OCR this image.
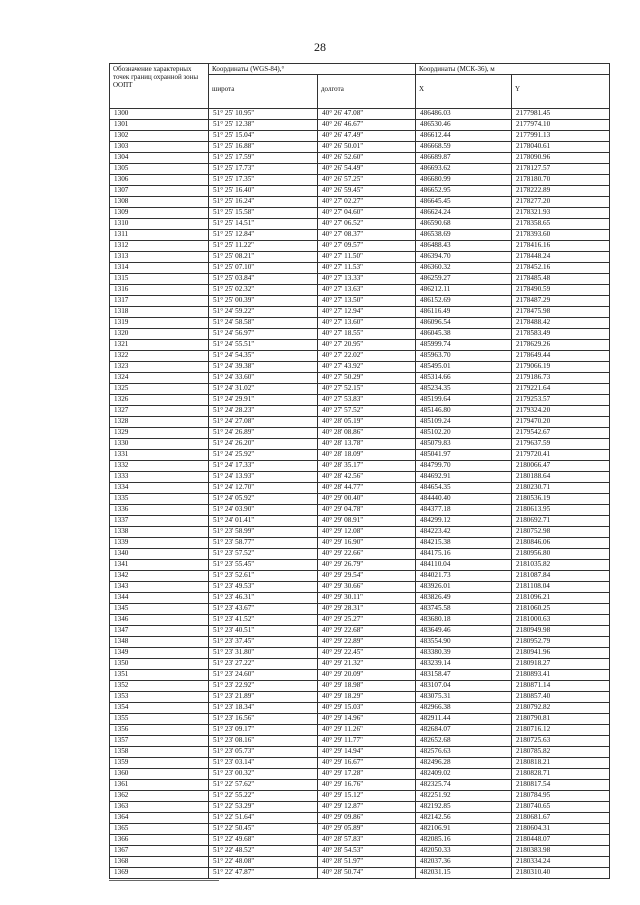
28
Обозначение характерных точек границ охранной зоны ООПТ	Координаты (WGS-84),°		Координаты (МСК-36), м	
	широта	долгота	X	Y
1300	51° 25' 10.95"	40° 26' 47.08"	486486.03	2177981.45
1301	51° 25' 12.38"	40° 26' 46.67"	486530.46	2177974.10
1302	51° 25' 15.04"	40° 26' 47.49"	486612.44	2177991.13
1303	51° 25' 16.88"	40° 26' 50.01"	486668.59	2178040.61
1304	51° 25' 17.59"	40° 26' 52.60"	486689.87	2178090.96
1305	51° 25' 17.73"	40° 26' 54.49"	486693.62	2178127.57
1306	51° 25' 17.35"	40° 26' 57.25"	486680.99	2178180.70
1307	51° 25' 16.40"	40° 26' 59.45"	486652.95	2178222.89
1308	51° 25' 16.24"	40° 27' 02.27"	486645.45	2178277.20
1309	51° 25' 15.58"	40° 27' 04.60"	486624.24	2178321.93
1310	51° 25' 14.51"	40° 27' 06.52"	486590.68	2178358.65
1311	51° 25' 12.84"	40° 27' 08.37"	486538.69	2178393.60
1312	51° 25' 11.22"	40° 27' 09.57"	486488.43	2178416.16
1313	51° 25' 08.21"	40° 27' 11.50"	486394.70	2178448.24
1314	51° 25' 07.10"	40° 27' 11.53"	486360.32	2178452.16
1315	51° 25' 03.84"	40° 27' 13.33"	486259.27	2178485.48
1316	51° 25' 02.32"	40° 27' 13.63"	486212.11	2178490.59
1317	51° 25' 00.39"	40° 27' 13.50"	486152.69	2178487.29
1318	51° 24' 59.22"	40° 27' 12.94"	486116.49	2178475.98
1319	51° 24' 58.58"	40° 27' 13.60"	486096.54	2178488.42
1320	51° 24' 56.97"	40° 27' 18.55"	486045.38	2178583.49
1321	51° 24' 55.51"	40° 27' 20.95"	485999.74	2178629.26
1322	51° 24' 54.35"	40° 27' 22.02"	485963.70	2178649.44
1323	51° 24' 39.38"	40° 27' 43.92"	485495.01	2179066.19
1324	51° 24' 33.60"	40° 27' 50.29"	485314.66	2179186.73
1325	51° 24' 31.02"	40° 27' 52.15"	485234.35	2179221.64
1326	51° 24' 29.91"	40° 27' 53.83"	485199.64	2179253.57
1327	51° 24' 28.23"	40° 27' 57.52"	485146.80	2179324.20
1328	51° 24' 27.08"	40° 28' 05.19"	485109.24	2179470.20
1329	51° 24' 26.89"	40° 28' 08.86"	485102.20	2179542.67
1330	51° 24' 26.20"	40° 28' 13.78"	485079.83	2179637.59
1331	51° 24' 25.92"	40° 28' 18.09"	485041.97	2179720.41
1332	51° 24' 17.33"	40° 28' 35.17"	484799.70	2180066.47
1333	51° 24' 13.93"	40° 28' 42.56"	484692.91	2180188.64
1334	51° 24' 12.70"	40° 28' 44.77"	484654.35	2180230.71
1335	51° 24' 05.92"	40° 29' 00.40"	484440.40	2180536.19
1336	51° 24' 03.90"	40° 29' 04.78"	484377.18	2180613.95
1337	51° 24' 01.41"	40° 29' 08.91"	484299.12	2180692.71
1338	51° 23' 58.99"	40° 29' 12.08"	484223.42	2180752.98
1339	51° 23' 58.77"	40° 29' 16.90"	484215.38	2180846.06
1340	51° 23' 57.52"	40° 29' 22.66"	484175.16	2180956.80
1341	51° 23' 55.45"	40° 29' 26.79"	484110.04	2181035.82
1342	51° 23' 52.61"	40° 29' 29.54"	484021.73	2181087.84
1343	51° 23' 49.53"	40° 29' 30.66"	483926.01	2181108.04
1344	51° 23' 46.31"	40° 29' 30.11"	483826.49	2181096.21
1345	51° 23' 43.67"	40° 29' 28.31"	483745.58	2181060.25
1346	51° 23' 41.52"	40° 29' 25.27"	483680.18	2181000.63
1347	51° 23' 40.51"	40° 29' 22.68"	483649.46	2180949.98
1348	51° 23' 37.45"	40° 29' 22.89"	483554.90	2180952.79
1349	51° 23' 31.80"	40° 29' 22.45"	483380.39	2180941.96
1350	51° 23' 27.22"	40° 29' 21.32"	483239.14	2180918.27
1351	51° 23' 24.60"	40° 29' 20.09"	483158.47	2180893.41
1352	51° 23' 22.92"	40° 29' 18.98"	483107.04	2180871.14
1353	51° 23' 21.89"	40° 29' 18.29"	483075.31	2180857.40
1354	51° 23' 18.34"	40° 29' 15.03"	482966.38	2180792.82
1355	51° 23' 16.56"	40° 29' 14.96"	482911.44	2180790.81
1356	51° 23' 09.17"	40° 29' 11.26"	482684.07	2180716.12
1357	51° 23' 08.16"	40° 29' 11.77"	482652.68	2180725.63
1358	51° 23' 05.73"	40° 29' 14.94"	482576.63	2180785.82
1359	51° 23' 03.14"	40° 29' 16.67"	482496.28	2180818.21
1360	51° 23' 00.32"	40° 29' 17.28"	482409.02	2180828.71
1361	51° 22' 57.62"	40° 29' 16.76"	482325.74	2180817.54
1362	51° 22' 55.22"	40° 29' 15.12"	482251.92	2180784.95
1363	51° 22' 53.29"	40° 29' 12.87"	482192.85	2180740.65
1364	51° 22' 51.64"	40° 29' 09.86"	482142.56	2180681.67
1365	51° 22' 50.45"	40° 29' 05.89"	482106.91	2180604.31
1366	51° 22' 49.68"	40° 28' 57.83"	482085.16	2180448.07
1367	51° 22' 48.52"	40° 28' 54.53"	482050.33	2180383.98
1368	51° 22' 48.08"	40° 28' 51.97"	482037.36	2180334.24
1369	51° 22' 47.87"	40° 28' 50.74"	482031.15	2180310.40
